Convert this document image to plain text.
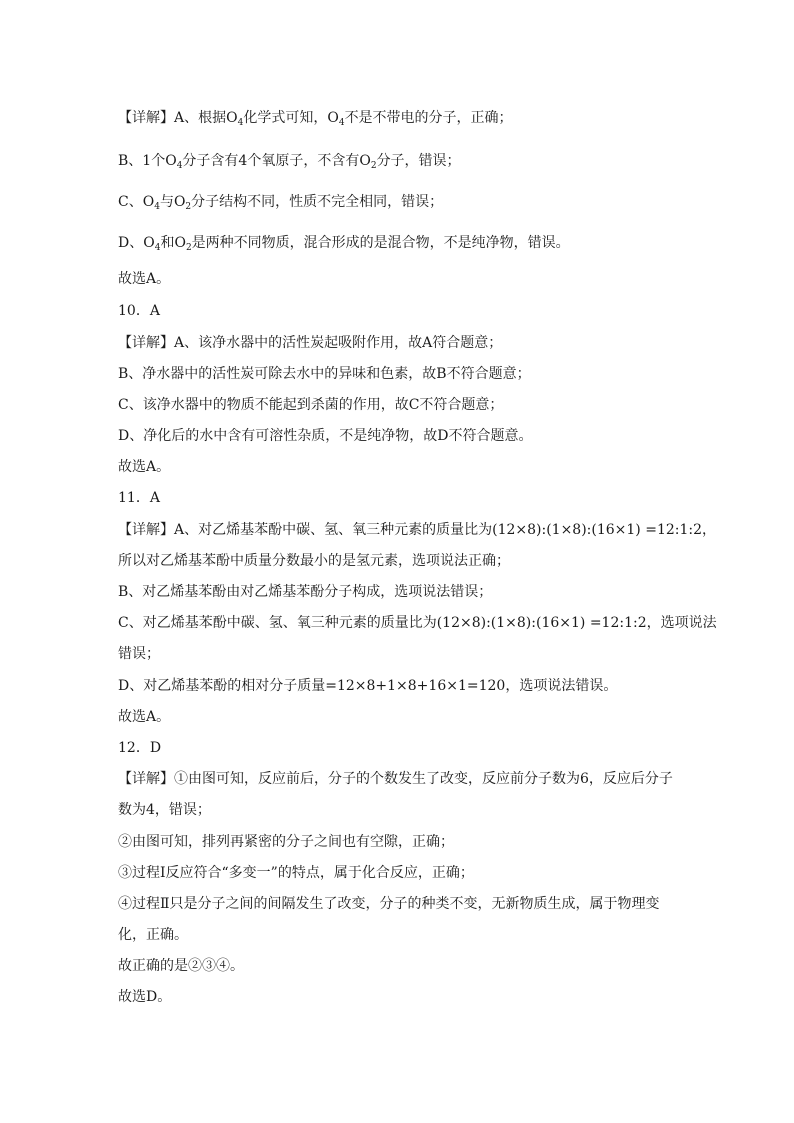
【详解】A、根据$O_4$化学式可知，$O_4$不是不带电的分子，正确；
B、1个$O_4$分子含有4个氧原子，不含有$O_2$分子，错误；
C、$O_4$与$O_2$分子结构不同，性质不完全相同，错误；
D、$O_4$和$O_2$是两种不同物质，混合形成的是混合物，不是纯净物，错误。
故选A。
10．A
【详解】A、该净水器中的活性炭起吸附作用，故A符合题意；
B、净水器中的活性炭可除去水中的异味和色素，故B不符合题意；
C、该净水器中的物质不能起到杀菌的作用，故C不符合题意；
D、净化后的水中含有可溶性杂质，不是纯净物，故D不符合题意。
故选A。
11．A
【详解】A、对乙烯基苯酚中碳、氢、氧三种元素的质量比为(12×8):(1×8):(16×1) =12:1:2，
所以对乙烯基苯酚中质量分数最小的是氢元素，选项说法正确；
B、对乙烯基苯酚由对乙烯基苯酚分子构成，选项说法错误；
C、对乙烯基苯酚中碳、氢、氧三种元素的质量比为(12×8):(1×8):(16×1) =12:1:2，选项说法
错误；
D、对乙烯基苯酚的相对分子质量=12×8+1×8+16×1=120，选项说法错误。
故选A。
12．D
【详解】①由图可知，反应前后，分子的个数发生了改变，反应前分子数为6，反应后分子
数为4，错误；
②由图可知，排列再紧密的分子之间也有空隙，正确；
③过程Ⅰ反应符合“多变一”的特点，属于化合反应，正确；
④过程Ⅱ只是分子之间的间隔发生了改变，分子的种类不变，无新物质生成，属于物理变
化，正确。
故正确的是②③④。
故选D。
